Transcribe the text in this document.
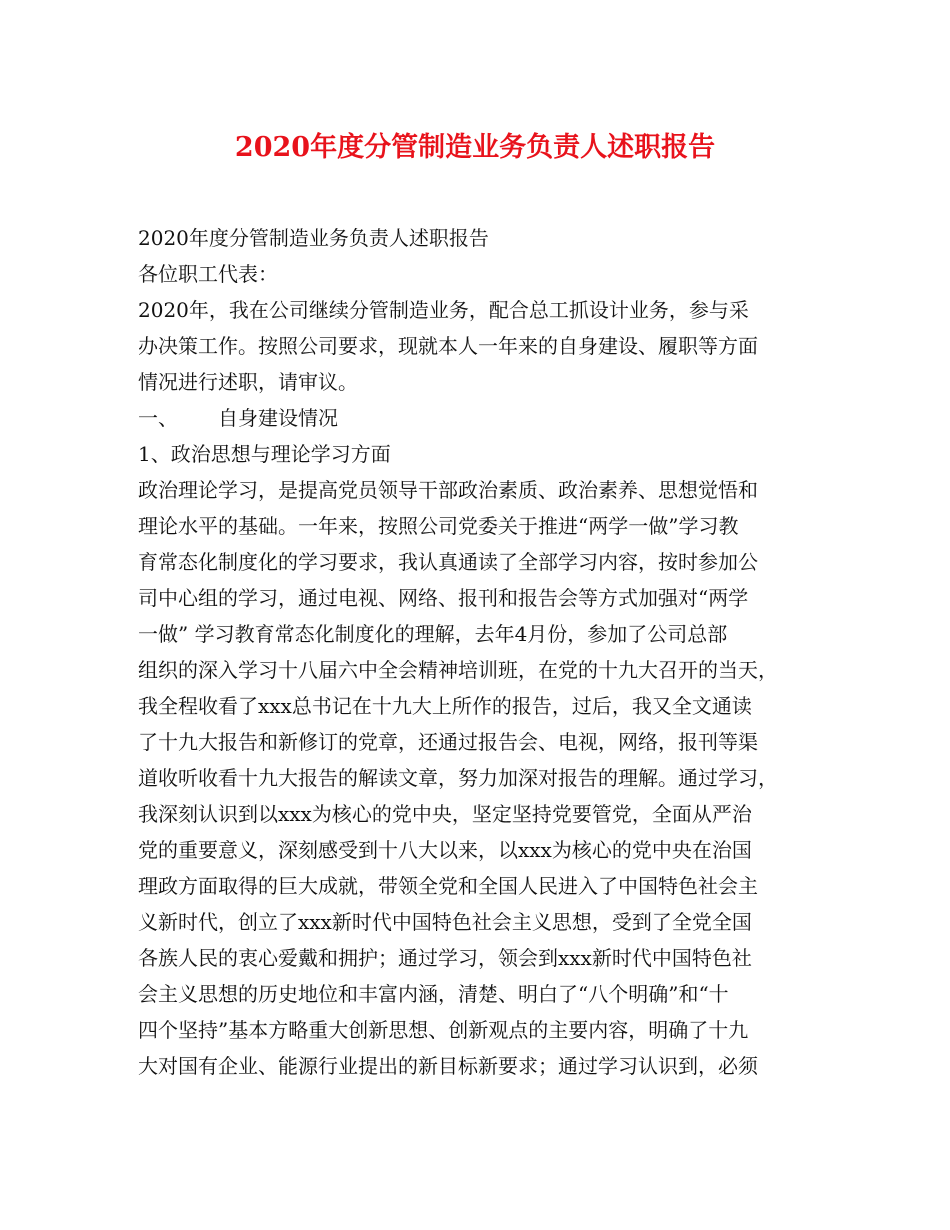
2020年度分管制造业务负责人述职报告
2020年度分管制造业务负责人述职报告
各位职工代表：
2020年，我在公司继续分管制造业务，配合总工抓设计业务，参与采
办决策工作。按照公司要求，现就本人一年来的自身建设、履职等方面
情况进行述职，请审议。
一、 自身建设情况
1、政治思想与理论学习方面
政治理论学习，是提高党员领导干部政治素质、政治素养、思想觉悟和
理论水平的基础。一年来，按照公司党委关于推进“两学一做”学习教
育常态化制度化的学习要求，我认真通读了全部学习内容，按时参加公
司中心组的学习，通过电视、网络、报刊和报告会等方式加强对“两学
一做” 学习教育常态化制度化的理解，去年4月份，参加了公司总部
组织的深入学习十八届六中全会精神培训班，在党的十九大召开的当天，
我全程收看了xxx总书记在十九大上所作的报告，过后，我又全文通读
了十九大报告和新修订的党章，还通过报告会、电视，网络，报刊等渠
道收听收看十九大报告的解读文章，努力加深对报告的理解。通过学习，
我深刻认识到以xxx为核心的党中央，坚定坚持党要管党，全面从严治
党的重要意义，深刻感受到十八大以来，以xxx为核心的党中央在治国
理政方面取得的巨大成就，带领全党和全国人民进入了中国特色社会主
义新时代，创立了xxx新时代中国特色社会主义思想，受到了全党全国
各族人民的衷心爱戴和拥护；通过学习，领会到xxx新时代中国特色社
会主义思想的历史地位和丰富内涵，清楚、明白了“八个明确”和“十
四个坚持”基本方略重大创新思想、创新观点的主要内容，明确了十九
大对国有企业、能源行业提出的新目标新要求；通过学习认识到，必须
